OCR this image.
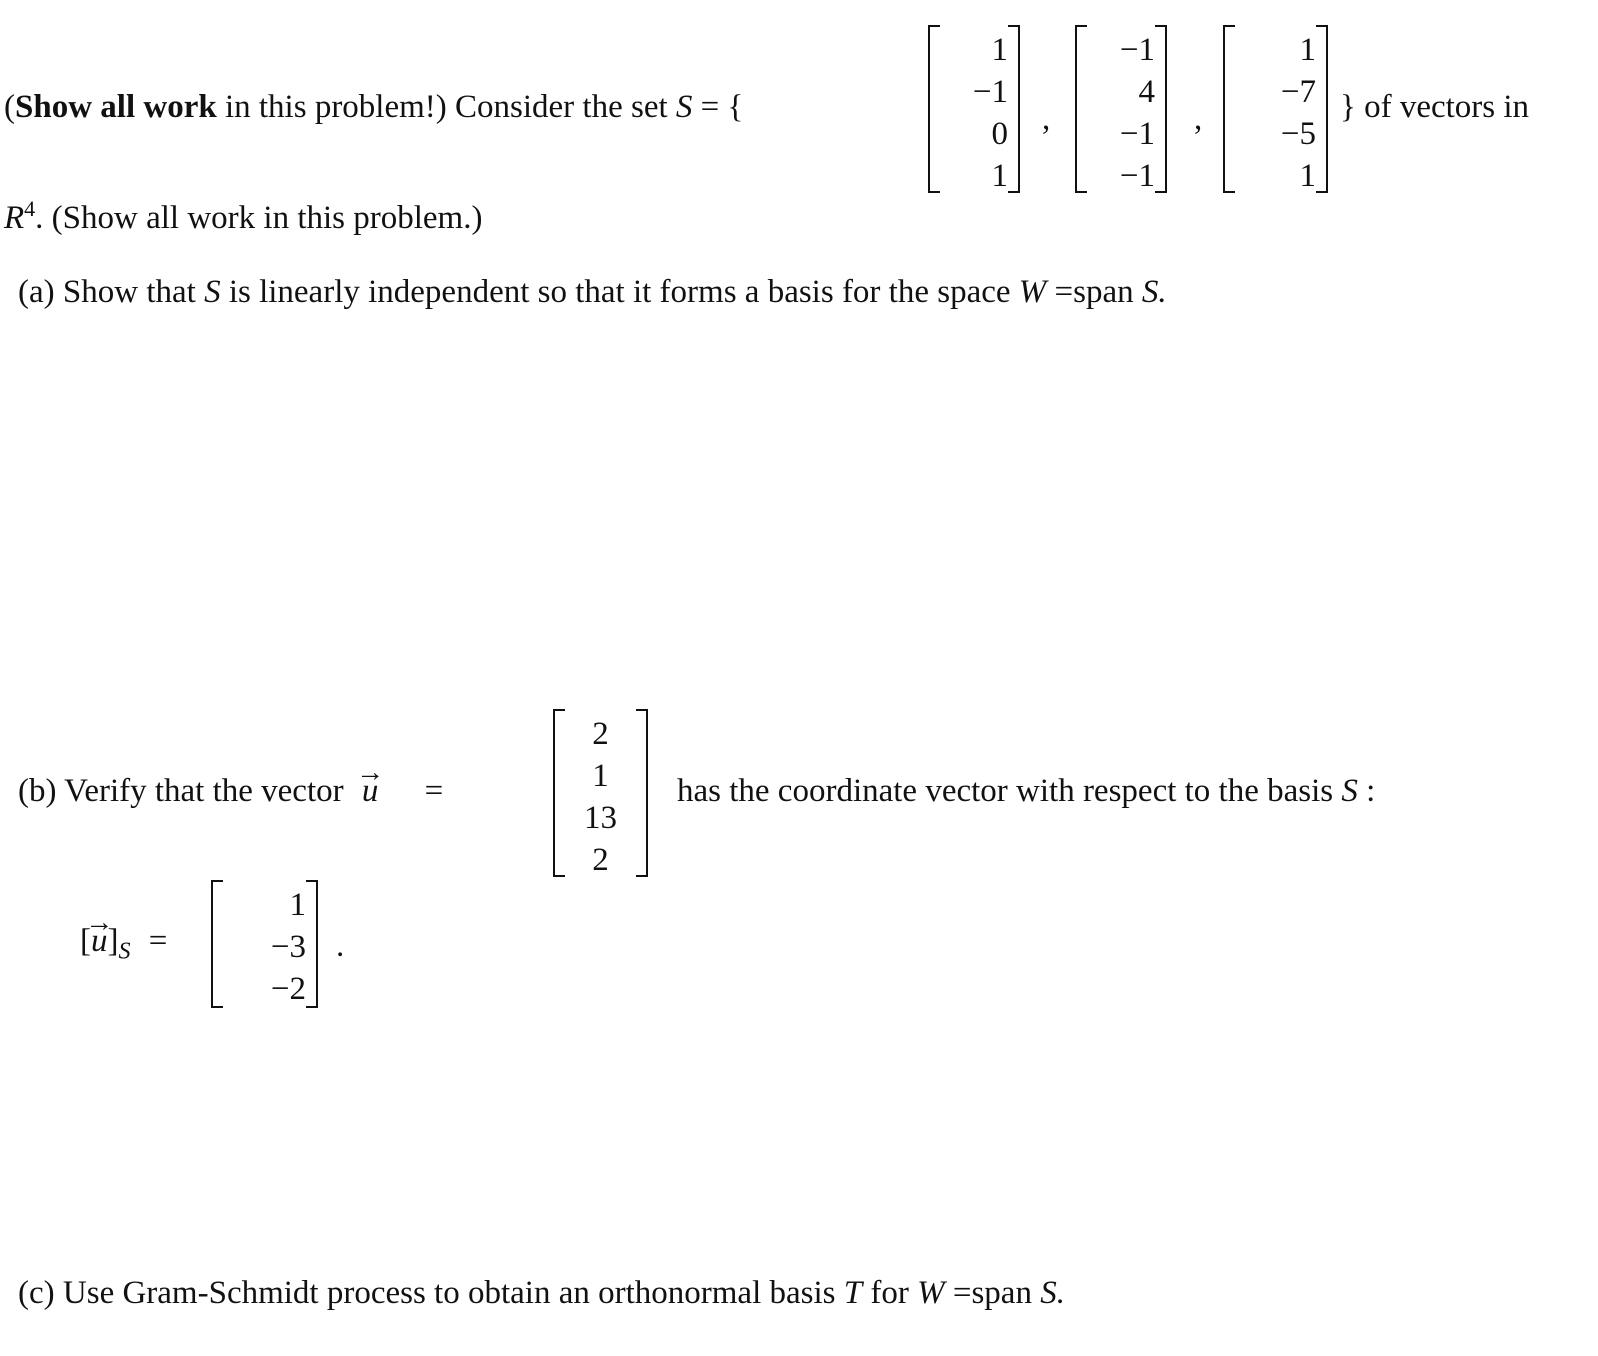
(Show all work in this problem!) Consider the set S = {
1
−1
0
1
,
−1
4
−1
−1
,
1
−7
−5
1
} of vectors in
$R^4$. (Show all work in this problem.)
(a) Show that S is linearly independent so that it forms a basis for the space W =span S.
(b) Verify that the vector → u =
2
1
13
2
has the coordinate vector with respect to the basis S :
[→ $u]_S$ =
1
−3
−2
.
(c) Use Gram-Schmidt process to obtain an orthonormal basis T for W =span S.
